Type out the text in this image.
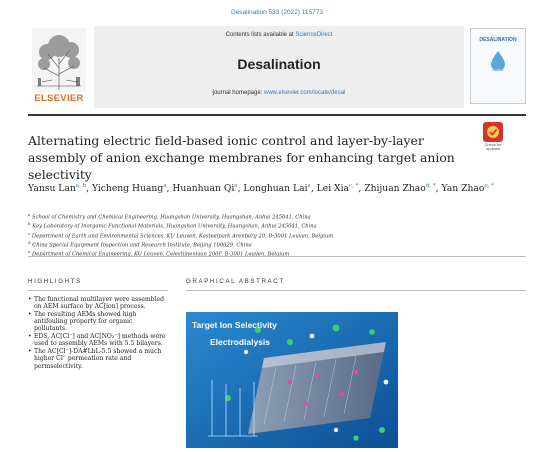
Desalination 533 (2022) 115773
ELSEVIER
Contents lists available at ScienceDirect
Desalination
journal homepage: www.elsevier.com/locate/desal
DESALINATION
Alternating electric field-based ionic control and layer-by-layer assembly of anion exchange membranes for enhancing target anion selectivity
Check for
updates
Yansu Lan$^{a, b}$, Yicheng Huang$^a$, Huanhuan Qi$^a$, Longhuan Lai$^a$, Lei Xia$^{c, *}$, Zhijuan Zhao$^{d, *}$, Yan Zhao$^{e, *}$
$^a$ School of Chemistry and Chemical Engineering, Huangshan University, Huangshan, Anhui 245041, China
$^b$ Key Laboratory of Inorganic Functional Materials, Huangshan University, Huangshan, Anhui 245041, China
$^c$ Department of Earth and Environmental Sciences, KU Leuven, Kasteelpark Arenberg 20, B-3001 Leuven, Belgium
$^d$ China Special Equipment Inspection and Research Institute, Beijing 100029, China
$^e$ Department of Chemical Engineering, KU Leuven, Celestijnenlaan 200F, B-3001 Leuven, Belgium
HIGHLIGHTS	GRAPHICAL ABSTRACT
• The functional multilayer were assembled on AEM surface by AC[ion] process.
• The resulting AEMs showed high antifouling property for organic pollutants.
• EDS, AC[Cl⁻] and AC[NO₃⁻] methods were used to assembly AEMs with 5.5 bilayers.
• The AC[Cl⁻]-DA#LbL-5.5 showed a much higher Cl⁻ permeation rate and permselectivity.
Target Ion Selectivity
Electrodialysis
